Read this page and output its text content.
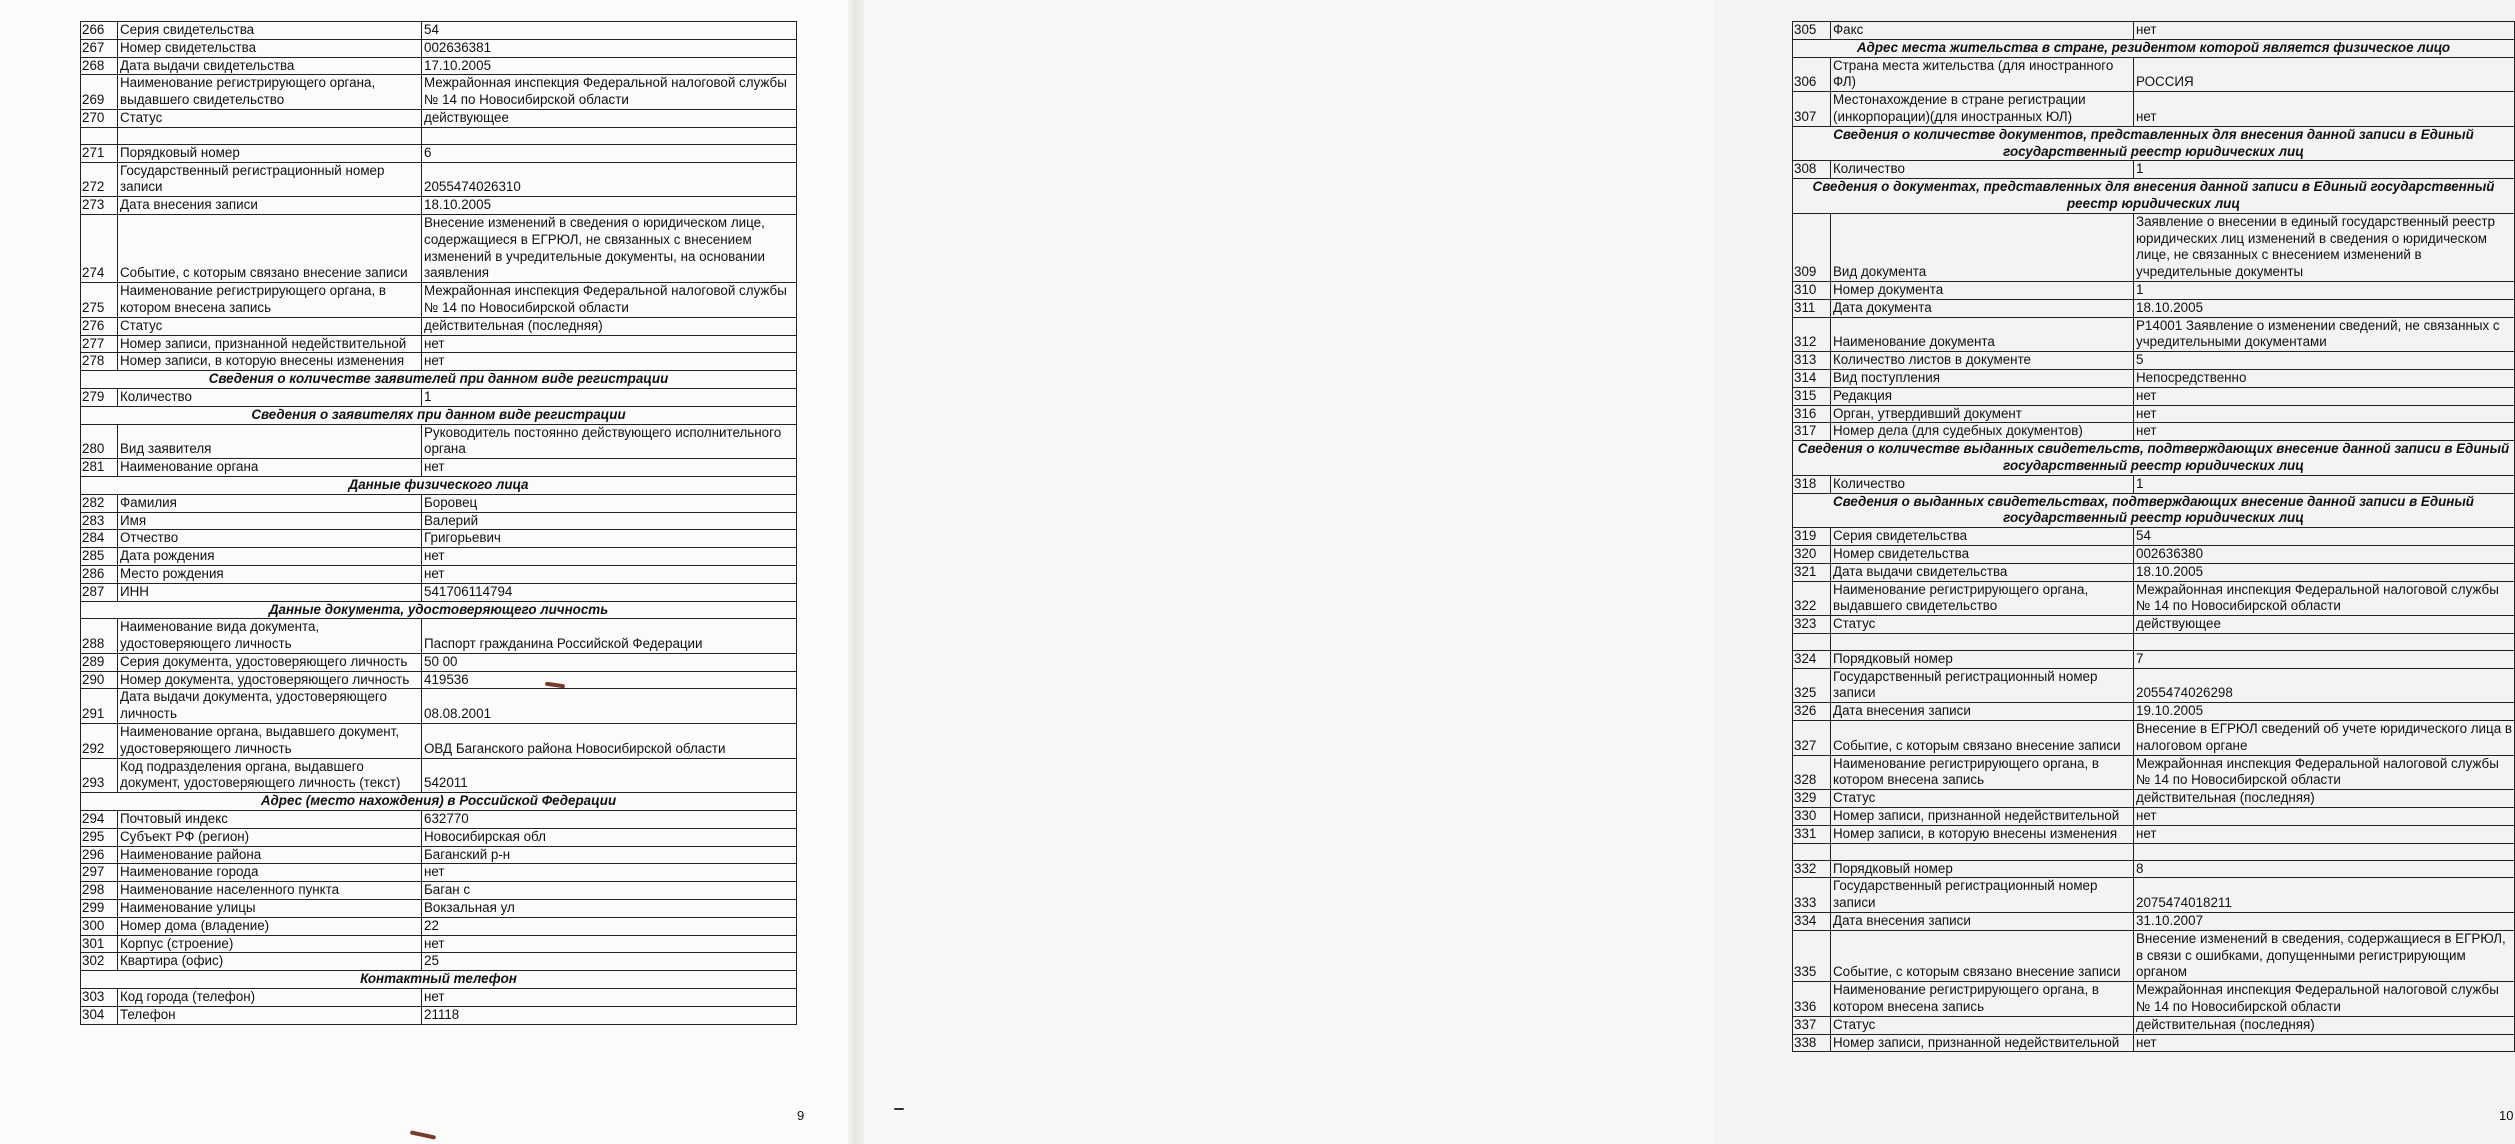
266	Серия свидетельства	54
267	Номер свидетельства	002636381
268	Дата выдачи свидетельства	17.10.2005
269	Наименование регистрирующего органа, выдавшего свидетельство	Межрайонная инспекция Федеральной налоговой службы № 14 по Новосибирской области
270	Статус	действующее

271	Порядковый номер	6
272	Государственный регистрационный номер записи	2055474026310
273	Дата внесения записи	18.10.2005
274	Событие, с которым связано внесение записи	Внесение изменений в сведения о юридическом лице, содержащиеся в ЕГРЮЛ, не связанных с внесением изменений в учредительные документы, на основании заявления
275	Наименование регистрирующего органа, в котором внесена запись	Межрайонная инспекция Федеральной налоговой службы № 14 по Новосибирской области
276	Статус	действительная (последняя)
277	Номер записи, признанной недействительной	нет
278	Номер записи, в которую внесены изменения	нет
Сведения о количестве заявителей при данном виде регистрации		
279	Количество	1
Сведения о заявителях при данном виде регистрации		
280	Вид заявителя	Руководитель постоянно действующего исполнительного органа
281	Наименование органа	нет
Данные физического лица		
282	Фамилия	Боровец
283	Имя	Валерий
284	Отчество	Григорьевич
285	Дата рождения	нет
286	Место рождения	нет
287	ИНН	541706114794
Данные документа, удостоверяющего личность		
288	Наименование вида документа, удостоверяющего личность	Паспорт гражданина Российской Федерации
289	Серия документа, удостоверяющего личность	50 00
290	Номер документа, удостоверяющего личность	419536
291	Дата выдачи документа, удостоверяющего личность	08.08.2001
292	Наименование органа, выдавшего документ, удостоверяющего личность	ОВД Баганского района Новосибирской области
293	Код подразделения органа, выдавшего документ, удостоверяющего личность (текст)	542011
Адрес (место нахождения) в Российской Федерации		
294	Почтовый индекс	632770
295	Субъект РФ (регион)	Новосибирская обл
296	Наименование района	Баганский р-н
297	Наименование города	нет
298	Наименование населенного пункта	Баган с
299	Наименование улицы	Вокзальная ул
300	Номер дома (владение)	22
301	Корпус (строение)	нет
302	Квартира (офис)	25
Контактный телефон		
303	Код города (телефон)	нет
304	Телефон	21118
9
305	Факс	нет
Адрес места жительства в стране, резидентом которой является физическое лицо		
306	Страна места жительства (для иностранного ФЛ)	РОССИЯ
307	Местонахождение в стране регистрации (инкорпорации)(для иностранных ЮЛ)	нет
Сведения о количестве документов, представленных для внесения данной записи в Единый государственный реестр юридических лиц		
308	Количество	1
Сведения о документах, представленных для внесения данной записи в Единый государственный реестр юридических лиц		
309	Вид документа	Заявление о внесении в единый государственный реестр юридических лиц изменений в сведения о юридическом лице, не связанных с внесением изменений в учредительные документы
310	Номер документа	1
311	Дата документа	18.10.2005
312	Наименование документа	Р14001 Заявление о изменении сведений, не связанных с учредительными документами
313	Количество листов в документе	5
314	Вид поступления	Непосредственно
315	Редакция	нет
316	Орган, утвердивший документ	нет
317	Номер дела (для судебных документов)	нет
Сведения о количестве выданных свидетельств, подтверждающих внесение данной записи в Единый государственный реестр юридических лиц		
318	Количество	1
Сведения о выданных свидетельствах, подтверждающих внесение данной записи в Единый государственный реестр юридических лиц		
319	Серия свидетельства	54
320	Номер свидетельства	002636380
321	Дата выдачи свидетельства	18.10.2005
322	Наименование регистрирующего органа, выдавшего свидетельство	Межрайонная инспекция Федеральной налоговой службы № 14 по Новосибирской области
323	Статус	действующее

324	Порядковый номер	7
325	Государственный регистрационный номер записи	2055474026298
326	Дата внесения записи	19.10.2005
327	Событие, с которым связано внесение записи	Внесение в ЕГРЮЛ сведений об учете юридического лица в налоговом органе
328	Наименование регистрирующего органа, в котором внесена запись	Межрайонная инспекция Федеральной налоговой службы № 14 по Новосибирской области
329	Статус	действительная (последняя)
330	Номер записи, признанной недействительной	нет
331	Номер записи, в которую внесены изменения	нет

332	Порядковый номер	8
333	Государственный регистрационный номер записи	2075474018211
334	Дата внесения записи	31.10.2007
335	Событие, с которым связано внесение записи	Внесение изменений в сведения, содержащиеся в ЕГРЮЛ, в связи с ошибками, допущенными регистрирующим органом
336	Наименование регистрирующего органа, в котором внесена запись	Межрайонная инспекция Федеральной налоговой службы № 14 по Новосибирской области
337	Статус	действительная (последняя)
338	Номер записи, признанной недействительной	нет
10
